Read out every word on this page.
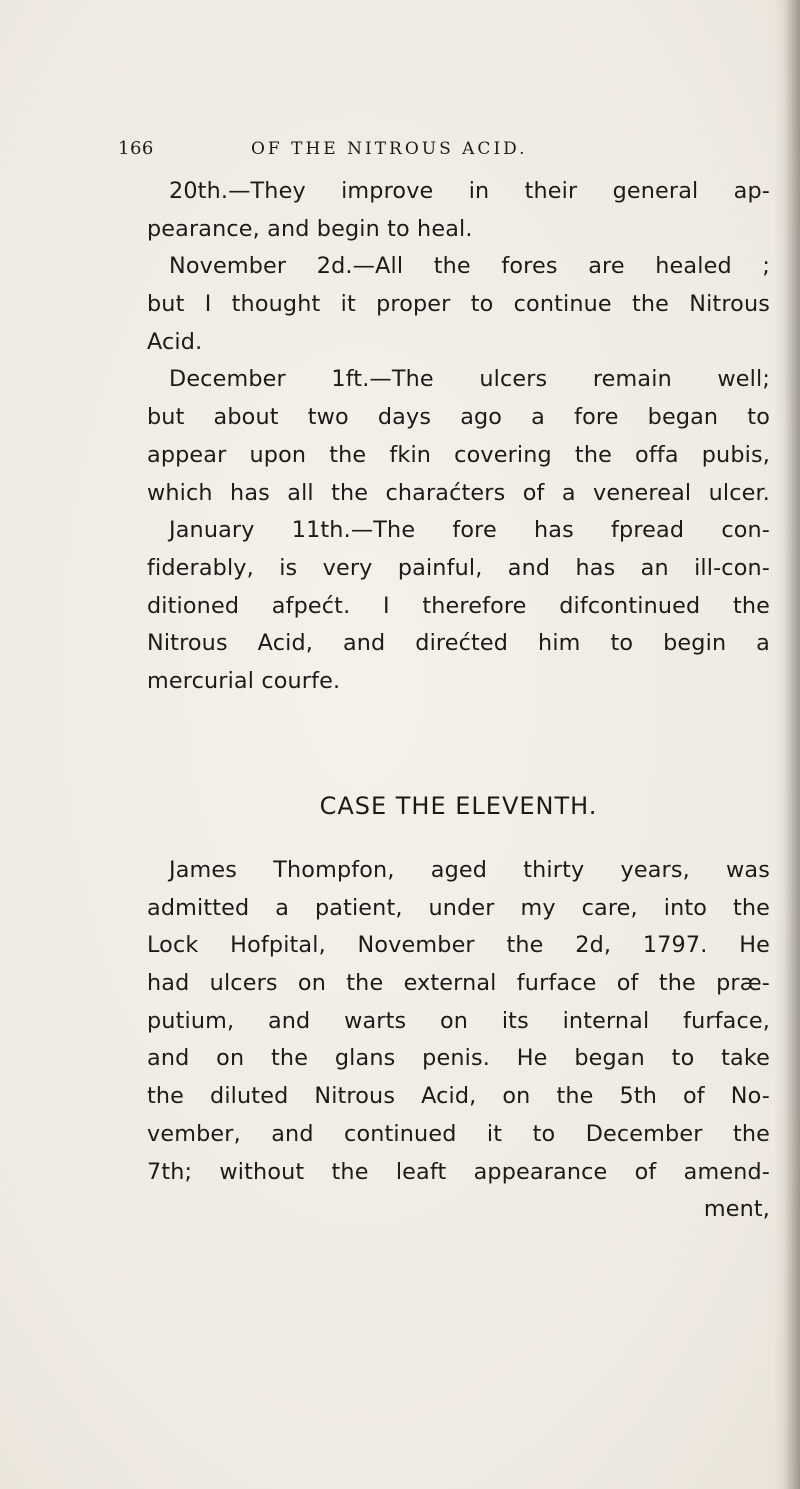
166	OF THE NITROUS ACID.
20th.—They improve in their general ap-
pearance, and begin to heal.
November 2d.—All the fores are healed ;
but I thought it proper to continue the Nitrous
Acid.
December 1ft.—The ulcers remain well;
but about two days ago a fore began to
appear upon the fkin covering the offa pubis,
which has all the charaćters of a venereal ulcer.
January 11th.—The fore has fpread con-
fiderably, is very painful, and has an ill-con-
ditioned afpećt. I therefore difcontinued the
Nitrous Acid, and direćted him to begin a
mercurial courfe.
CASE THE ELEVENTH.
James Thompfon, aged thirty years, was
admitted a patient, under my care, into the
Lock Hofpital, November the 2d, 1797. He
had ulcers on the external furface of the præ-
putium, and warts on its internal furface,
and on the glans penis. He began to take
the diluted Nitrous Acid, on the 5th of No-
vember, and continued it to December the
7th; without the leaft appearance of amend-
ment,
